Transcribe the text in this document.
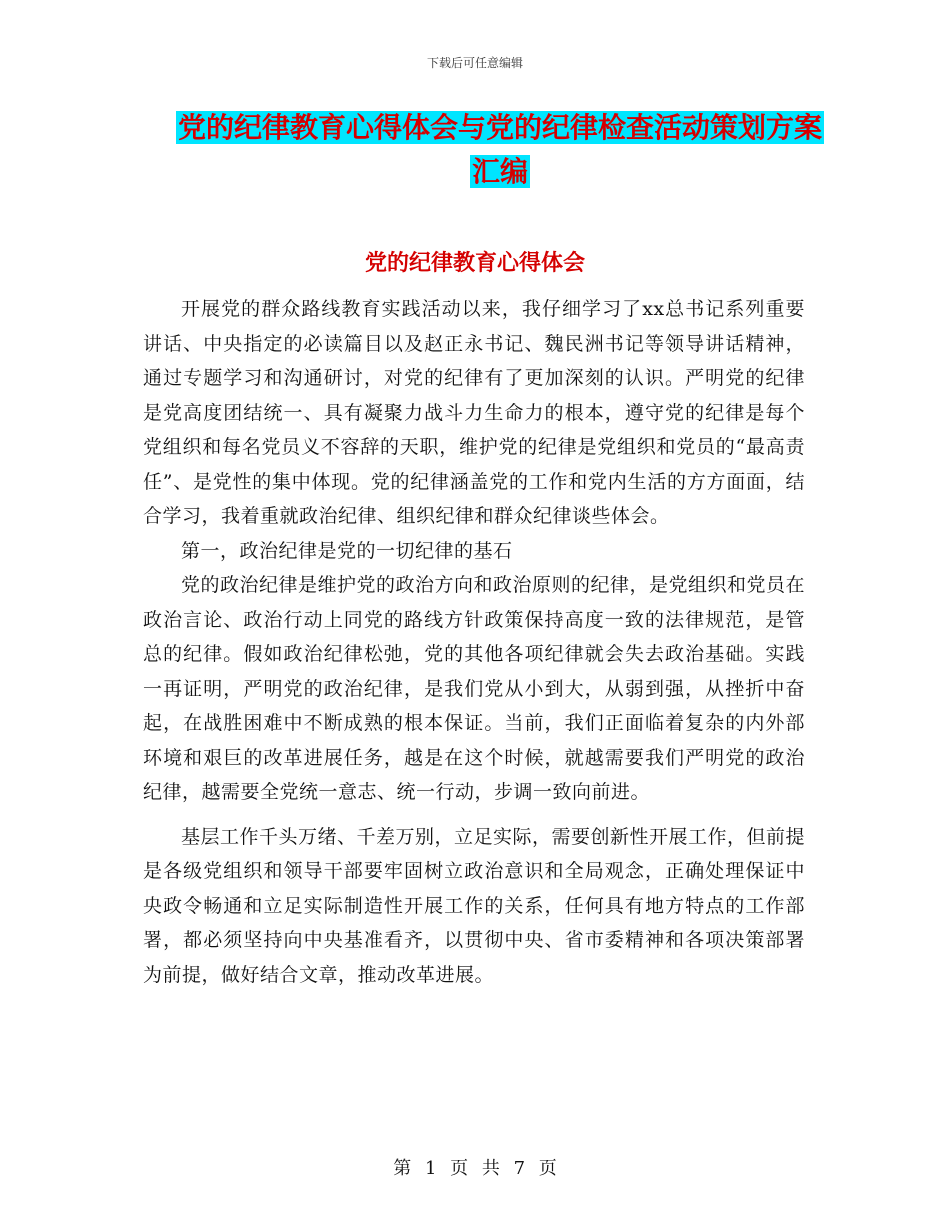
下载后可任意编辑
党的纪律教育心得体会与党的纪律检查活动策划方案
汇编
党的纪律教育心得体会

开展党的群众路线教育实践活动以来，我仔细学习了xx总书记系列重要讲话、中央指定的必读篇目以及赵正永书记、魏民洲书记等领导讲话精神，通过专题学习和沟通研讨，对党的纪律有了更加深刻的认识。严明党的纪律是党高度团结统一、具有凝聚力战斗力生命力的根本，遵守党的纪律是每个党组织和每名党员义不容辞的天职，维护党的纪律是党组织和党员的“最高责任”、是党性的集中体现。党的纪律涵盖党的工作和党内生活的方方面面，结合学习，我着重就政治纪律、组织纪律和群众纪律谈些体会。

第一，政治纪律是党的一切纪律的基石

党的政治纪律是维护党的政治方向和政治原则的纪律，是党组织和党员在政治言论、政治行动上同党的路线方针政策保持高度一致的法律规范，是管总的纪律。假如政治纪律松弛，党的其他各项纪律就会失去政治基础。实践一再证明，严明党的政治纪律，是我们党从小到大，从弱到强，从挫折中奋起，在战胜困难中不断成熟的根本保证。当前，我们正面临着复杂的内外部环境和艰巨的改革进展任务，越是在这个时候，就越需要我们严明党的政治纪律，越需要全党统一意志、统一行动，步调一致向前进。

基层工作千头万绪、千差万别，立足实际，需要创新性开展工作，但前提是各级党组织和领导干部要牢固树立政治意识和全局观念，正确处理保证中央政令畅通和立足实际制造性开展工作的关系，任何具有地方特点的工作部署，都必须坚持向中央基准看齐，以贯彻中央、省市委精神和各项决策部署为前提，做好结合文章，推动改革进展。

第 1 页 共 7 页
